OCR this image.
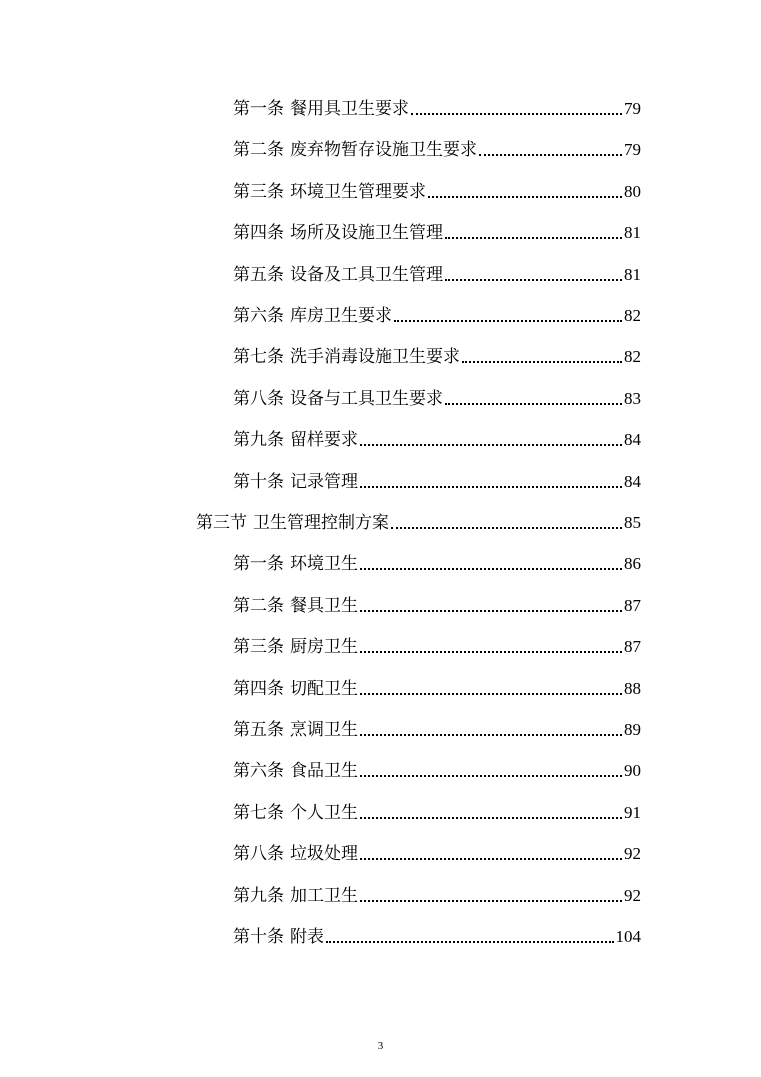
第一条 餐用具卫生要求	79
第二条 废弃物暂存设施卫生要求	79
第三条 环境卫生管理要求	80
第四条 场所及设施卫生管理	81
第五条 设备及工具卫生管理	81
第六条 库房卫生要求	82
第七条 洗手消毒设施卫生要求	82
第八条 设备与工具卫生要求	83
第九条 留样要求	84
第十条 记录管理	84
第三节 卫生管理控制方案	85
第一条 环境卫生	86
第二条 餐具卫生	87
第三条 厨房卫生	87
第四条 切配卫生	88
第五条 烹调卫生	89
第六条 食品卫生	90
第七条 个人卫生	91
第八条 垃圾处理	92
第九条 加工卫生	92
第十条 附表	104
3
